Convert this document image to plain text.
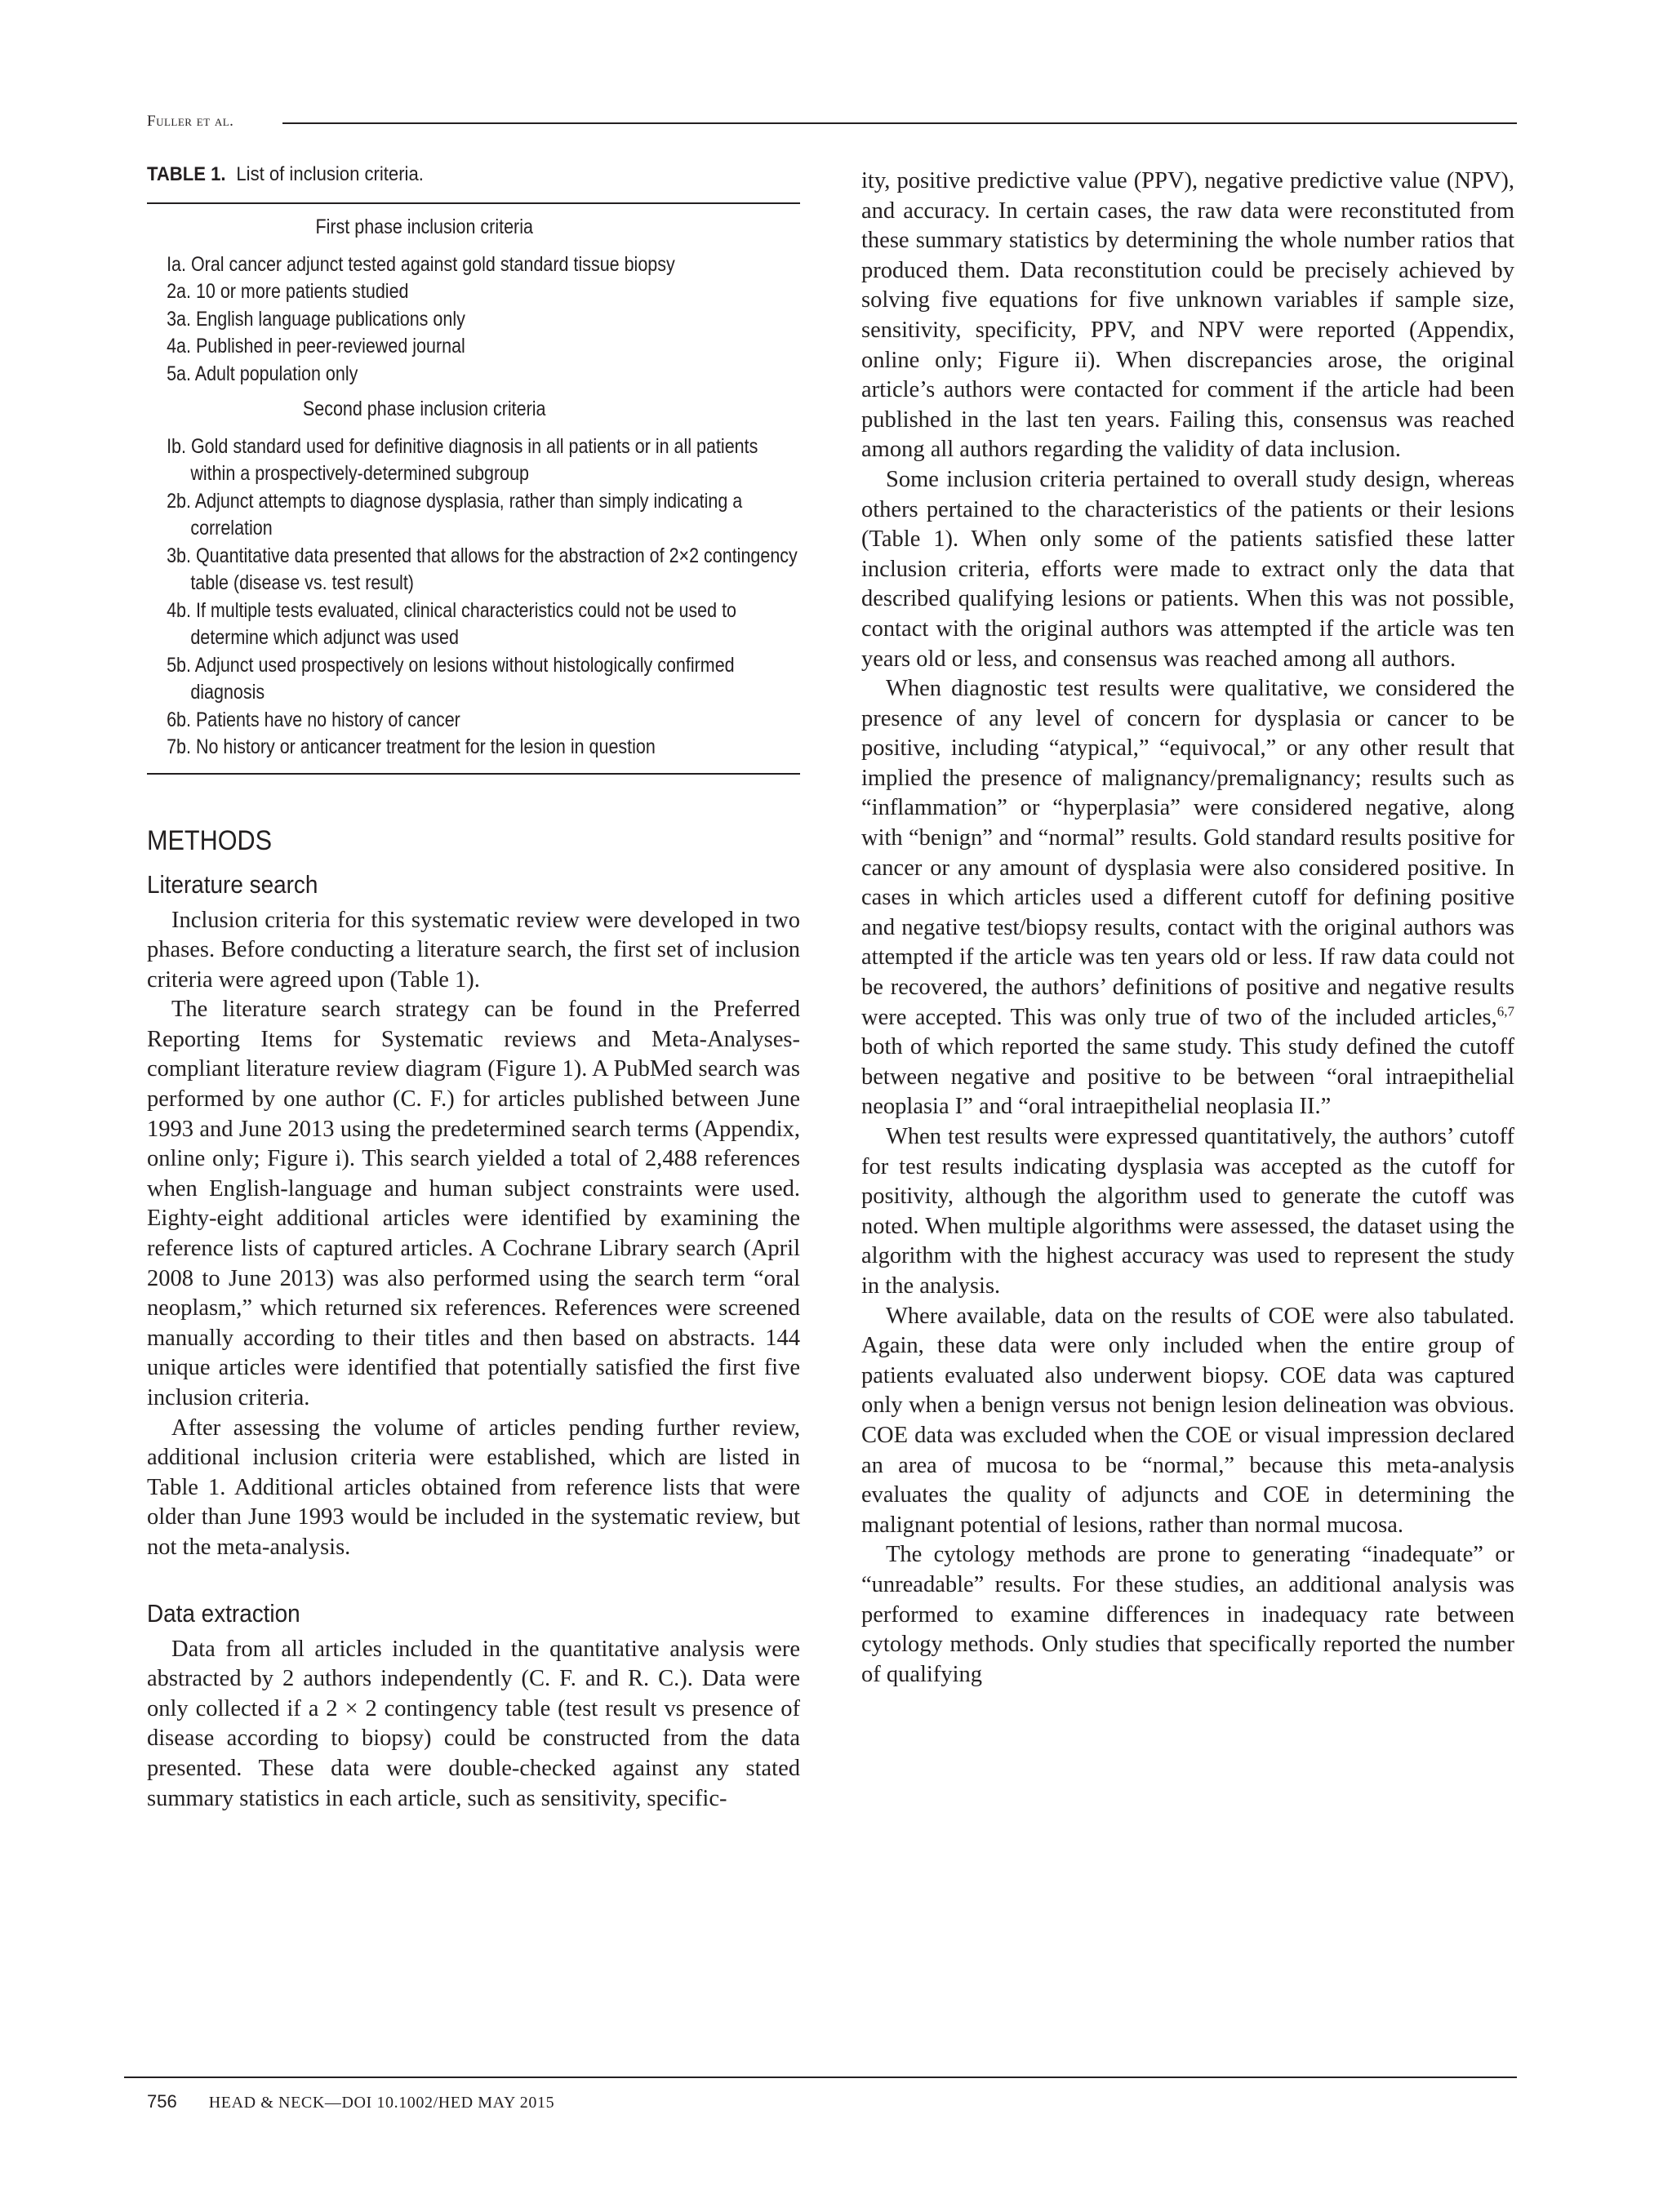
Fuller et al.
TABLE 1. List of inclusion criteria.
First phase inclusion criteria
Ia. Oral cancer adjunct tested against gold standard tissue biopsy
2a. 10 or more patients studied
3a. English language publications only
4a. Published in peer-reviewed journal
5a. Adult population only
Second phase inclusion criteria
Ib. Gold standard used for definitive diagnosis in all patients or in all patients within a prospectively-determined subgroup
2b. Adjunct attempts to diagnose dysplasia, rather than simply indicating a correlation
3b. Quantitative data presented that allows for the abstraction of 2×2 contingency table (disease vs. test result)
4b. If multiple tests evaluated, clinical characteristics could not be used to determine which adjunct was used
5b. Adjunct used prospectively on lesions without histologically confirmed diagnosis
6b. Patients have no history of cancer
7b. No history or anticancer treatment for the lesion in question
METHODS
Literature search

Inclusion criteria for this systematic review were developed in two phases. Before conducting a literature search, the first set of inclusion criteria were agreed upon (Table 1).

The literature search strategy can be found in the Preferred Reporting Items for Systematic reviews and Meta-Analyses-compliant literature review diagram (Figure 1). A PubMed search was performed by one author (C. F.) for articles published between June 1993 and June 2013 using the predetermined search terms (Appendix, online only; Figure i). This search yielded a total of 2,488 references when English-language and human subject constraints were used. Eighty-eight additional articles were identified by examining the reference lists of captured articles. A Cochrane Library search (April 2008 to June 2013) was also performed using the search term “oral neoplasm,” which returned six references. References were screened manually according to their titles and then based on abstracts. 144 unique articles were identified that potentially satisfied the first five inclusion criteria.

After assessing the volume of articles pending further review, additional inclusion criteria were established, which are listed in Table 1. Additional articles obtained from reference lists that were older than June 1993 would be included in the systematic review, but not the meta-analysis.

Data extraction

Data from all articles included in the quantitative analysis were abstracted by 2 authors independently (C. F. and R. C.). Data were only collected if a 2 × 2 contingency table (test result vs presence of disease according to biopsy) could be constructed from the data presented. These data were double-checked against any stated summary statistics in each article, such as sensitivity, specific-

ity, positive predictive value (PPV), negative predictive value (NPV), and accuracy. In certain cases, the raw data were reconstituted from these summary statistics by determining the whole number ratios that produced them. Data reconstitution could be precisely achieved by solving five equations for five unknown variables if sample size, sensitivity, specificity, PPV, and NPV were reported (Appendix, online only; Figure ii). When discrepancies arose, the original article’s authors were contacted for comment if the article had been published in the last ten years. Failing this, consensus was reached among all authors regarding the validity of data inclusion.

Some inclusion criteria pertained to overall study design, whereas others pertained to the characteristics of the patients or their lesions (Table 1). When only some of the patients satisfied these latter inclusion criteria, efforts were made to extract only the data that described qualifying lesions or patients. When this was not possible, contact with the original authors was attempted if the article was ten years old or less, and consensus was reached among all authors.

When diagnostic test results were qualitative, we considered the presence of any level of concern for dysplasia or cancer to be positive, including “atypical,” “equivocal,” or any other result that implied the presence of malignancy/premalignancy; results such as “inflammation” or “hyperplasia” were considered negative, along with “benign” and “normal” results. Gold standard results positive for cancer or any amount of dysplasia were also considered positive. In cases in which articles used a different cutoff for defining positive and negative test/biopsy results, contact with the original authors was attempted if the article was ten years old or less. If raw data could not be recovered, the authors’ definitions of positive and negative results were accepted. This was only true of two of the included articles,$^{6,7}$ both of which reported the same study. This study defined the cutoff between negative and positive to be between “oral intraepithelial neoplasia I” and “oral intraepithelial neoplasia II.”

When test results were expressed quantitatively, the authors’ cutoff for test results indicating dysplasia was accepted as the cutoff for positivity, although the algorithm used to generate the cutoff was noted. When multiple algorithms were assessed, the dataset using the algorithm with the highest accuracy was used to represent the study in the analysis.

Where available, data on the results of COE were also tabulated. Again, these data were only included when the entire group of patients evaluated also underwent biopsy. COE data was captured only when a benign versus not benign lesion delineation was obvious. COE data was excluded when the COE or visual impression declared an area of mucosa to be “normal,” because this meta-analysis evaluates the quality of adjuncts and COE in determining the malignant potential of lesions, rather than normal mucosa.

The cytology methods are prone to generating “inadequate” or “unreadable” results. For these studies, an additional analysis was performed to examine differences in inadequacy rate between cytology methods. Only studies that specifically reported the number of qualifying

756 HEAD & NECK—DOI 10.1002/HED MAY 2015
